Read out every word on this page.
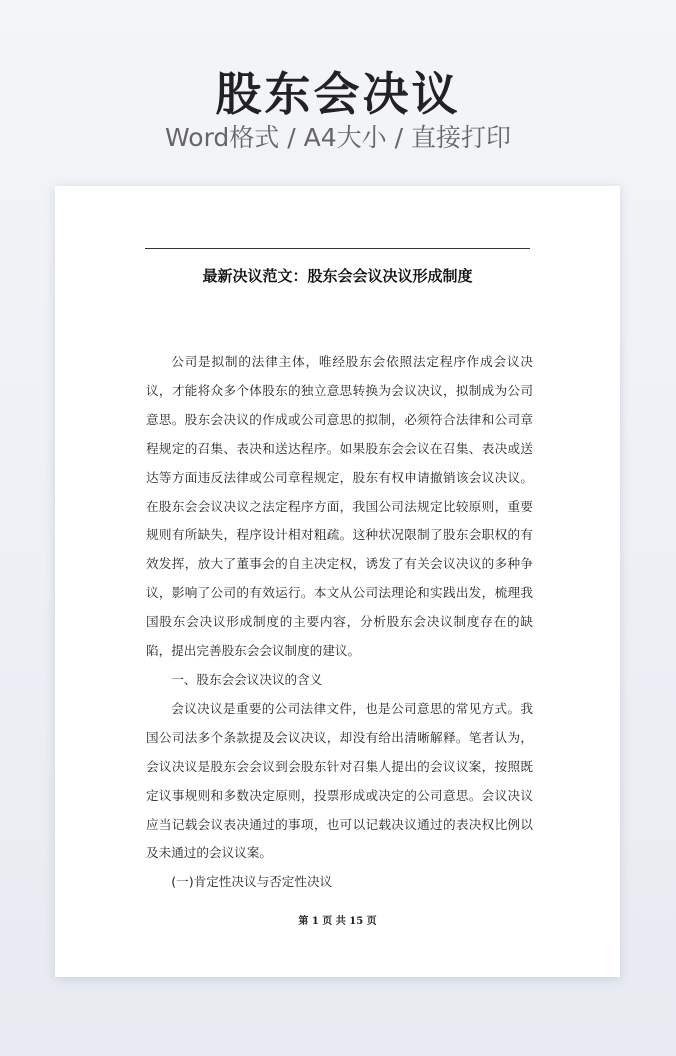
股东会决议
Word格式 / A4大小 / 直接打印
最新决议范文：股东会会议决议形成制度

公司是拟制的法律主体，唯经股东会依照法定程序作成会议决议，才能将众多个体股东的独立意思转换为会议决议，拟制成为公司意思。股东会决议的作成或公司意思的拟制，必须符合法律和公司章程规定的召集、表决和送达程序。如果股东会会议在召集、表决或送达等方面违反法律或公司章程规定，股东有权申请撤销该会议决议。在股东会会议决议之法定程序方面，我国公司法规定比较原则，重要规则有所缺失，程序设计相对粗疏。这种状况限制了股东会职权的有效发挥，放大了董事会的自主决定权，诱发了有关会议决议的多种争议，影响了公司的有效运行。本文从公司法理论和实践出发，梳理我国股东会决议形成制度的主要内容，分析股东会决议制度存在的缺陷，提出完善股东会会议制度的建议。

一、股东会会议决议的含义

会议决议是重要的公司法律文件，也是公司意思的常见方式。我国公司法多个条款提及会议决议，却没有给出清晰解释。笔者认为，会议决议是股东会会议到会股东针对召集人提出的会议议案，按照既定议事规则和多数决定原则，投票形成或决定的公司意思。会议决议应当记载会议表决通过的事项，也可以记载决议通过的表决权比例以及未通过的会议议案。

(一)肯定性决议与否定性决议

第 1 页 共 15 页
